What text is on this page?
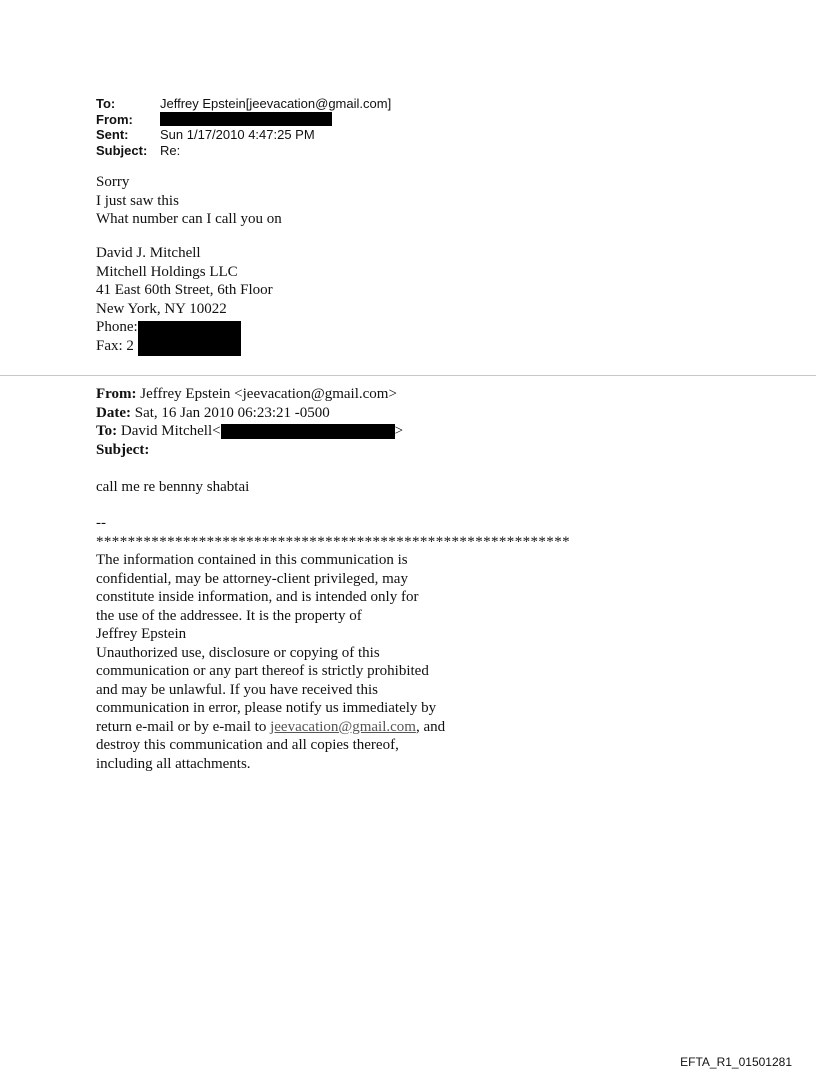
To:	Jeffrey Epstein[jeevacation@gmail.com]
From:
Sent:	Sun 1/17/2010 4:47:25 PM
Subject: Re:
Sorry
I just saw this
What number can I call you on
David J. Mitchell
Mitchell Holdings LLC
41 East 60th Street, 6th Floor
New York, NY 10022
Phone:
Fax: 2
From: Jeffrey Epstein <jeevacation@gmail.com>
Date: Sat, 16 Jan 2010 06:23:21 -0500
To:
David Mitchell<	>
Subject:
call me re bennny shabtai
--
************************************************************
The information contained in this communication is
confidential, may be attorney-client privileged, may
constitute inside information, and is intended only for
the use of the addressee. It is the property of
Jeffrey Epstein
Unauthorized use, disclosure or copying of this
communication or any part thereof is strictly prohibited
and may be unlawful. If you have received this
communication in error, please notify us immediately by
return e-mail or by e-mail to jeevacation@gmail.com, and
destroy this communication and all copies thereof,
including all attachments.
EFTA_R1_01501281
